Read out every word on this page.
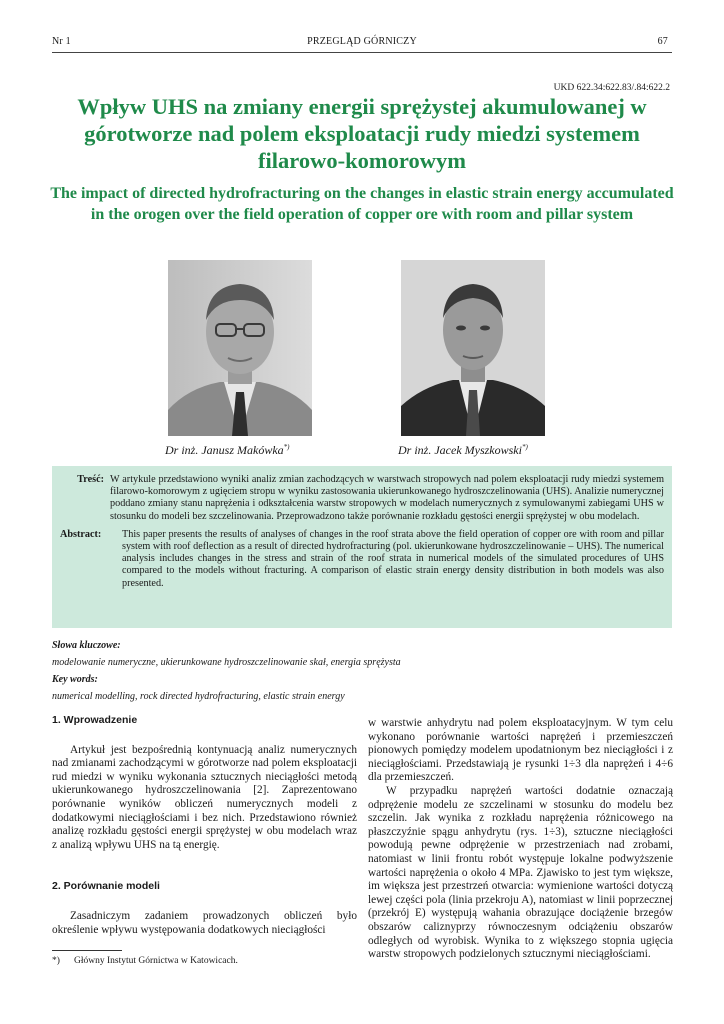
Nr 1	PRZEGLĄD GÓRNICZY	67
UKD 622.34:622.83/.84:622.2
Wpływ UHS na zmiany energii sprężystej akumulowanej w górotworze nad polem eksploatacji rudy miedzi systemem filarowo-komorowym
The impact of directed hydrofracturing on the changes in elastic strain energy accumulated in the orogen over the field operation of copper ore with room and pillar system
Dr inż. Janusz Makówka*)	Dr inż. Jacek Myszkowski*)
Treść: W artykule przedstawiono wyniki analiz zmian zachodzących w warstwach stropowych nad polem eksploatacji rudy miedzi systemem filarowo-komorowym z ugięciem stropu w wyniku zastosowania ukierunkowanego hydroszczelinowania (UHS). Analizie numerycznej poddano zmiany stanu naprężenia i odkształcenia warstw stropowych w modelach numerycznych z symulowanymi zabiegami UHS w stosunku do modeli bez szczelinowania. Przeprowadzono także porównanie rozkładu gęstości energii sprężystej w obu modelach.
Abstract:	This paper presents the results of analyses of changes in the roof strata above the field operation of copper ore with room and pillar system with roof deflection as a result of directed hydrofracturing (pol. ukierunkowane hydroszczelinowanie – UHS). The numerical analysis includes changes in the stress and strain of the roof strata in numerical models of the simulated procedures of UHS compared to the models without fracturing. A comparison of elastic strain energy density distribution in both models was also presented.
Słowa kluczowe:
modelowanie numeryczne, ukierunkowane hydroszczelinowanie skał, energia sprężysta
Key words:
numerical modelling, rock directed hydrofracturing, elastic strain energy
1. Wprowadzenie

Artykuł jest bezpośrednią kontynuacją analiz numerycznych nad zmianami zachodzącymi w górotworze nad polem eksploatacji rud miedzi w wyniku wykonania sztucznych nieciągłości metodą ukierunkowanego hydroszczelinowania [2]. Zaprezentowano porównanie wyników obliczeń numerycznych modeli z dodatkowymi nieciągłościami i bez nich. Przedstawiono również analizę rozkładu gęstości energii sprężystej w obu modelach wraz z analizą wpływu UHS na tą energię.

2. Porównanie modeli

Zasadniczym zadaniem prowadzonych obliczeń było określenie wpływu występowania dodatkowych nieciągłości

w warstwie anhydrytu nad polem eksploatacyjnym. W tym celu wykonano porównanie wartości naprężeń i przemieszczeń pionowych pomiędzy modelem upodatnionym bez nieciągłości i z nieciągłościami. Przedstawiają je rysunki 1÷3 dla naprężeń i 4÷6 dla przemieszczeń.

W przypadku naprężeń wartości dodatnie oznaczają odprężenie modelu ze szczelinami w stosunku do modelu bez szczelin. Jak wynika z rozkładu naprężenia różnicowego na płaszczyźnie spągu anhydrytu (rys. 1÷3), sztuczne nieciągłości powodują pewne odprężenie w przestrzeniach nad zrobami, natomiast w linii frontu robót występuje lokalne podwyższenie wartości naprężenia o około 4 MPa. Zjawisko to jest tym większe, im większa jest przestrzeń otwarcia: wymienione wartości dotyczą lewej części pola (linia przekroju A), natomiast w linii poprzecznej (przekrój E) występują wahania obrazujące dociążenie brzegów obszarów caliznyprzy równoczesnym odciążeniu obszarów odległych od wyrobisk. Wynika to z większego stopnia ugięcia warstw stropowych podzielonych sztucznymi nieciągłościami.

*) Główny Instytut Górnictwa w Katowicach.
